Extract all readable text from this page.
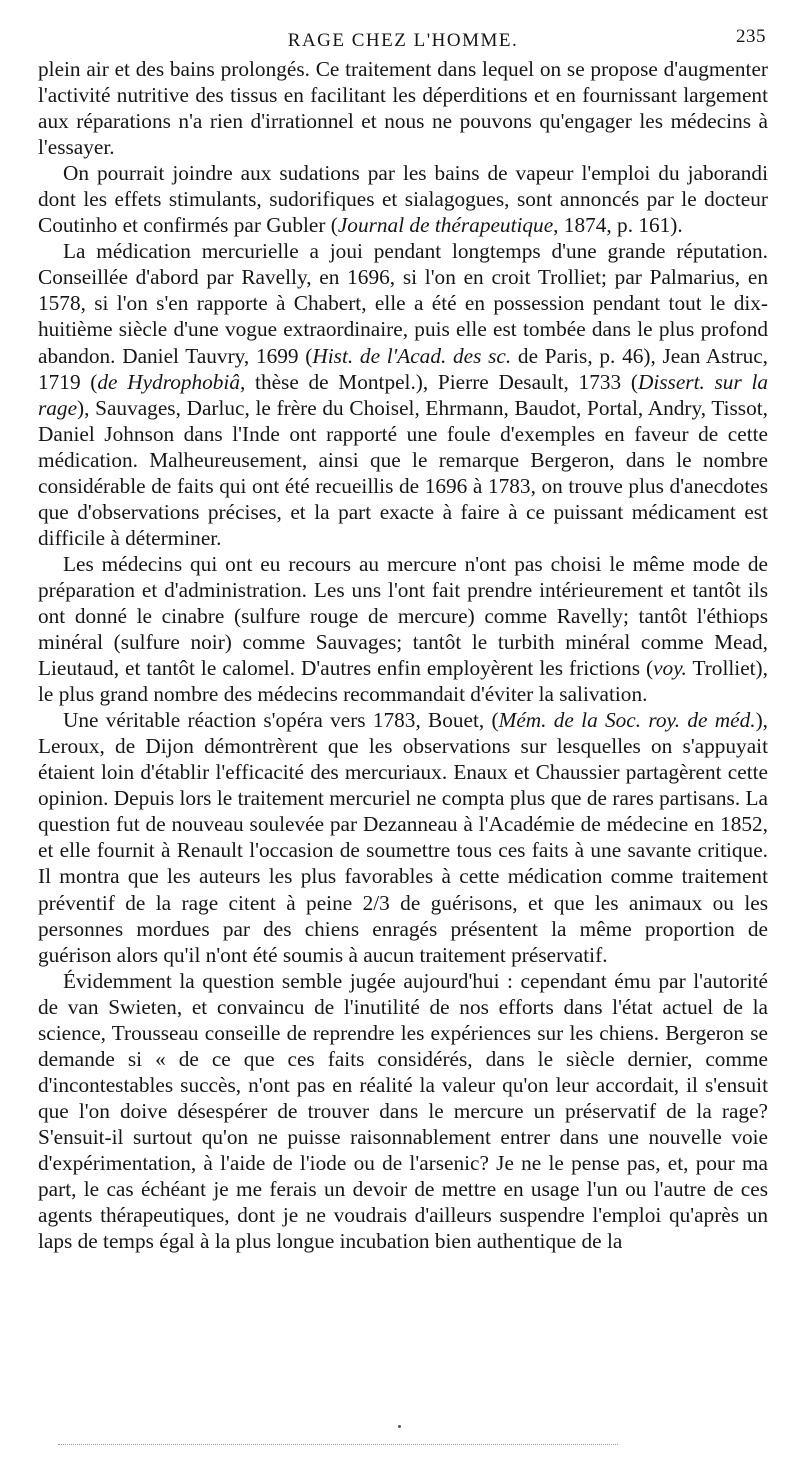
RAGE CHEZ L'HOMME.	235

plein air et des bains prolongés. Ce traitement dans lequel on se propose d'augmenter l'activité nutritive des tissus en facilitant les déperditions et en fournissant largement aux réparations n'a rien d'irrationnel et nous ne pouvons qu'engager les médecins à l'essayer.

On pourrait joindre aux sudations par les bains de vapeur l'emploi du jaborandi dont les effets stimulants, sudorifiques et sialagogues, sont annoncés par le docteur Coutinho et confirmés par Gubler (Journal de thérapeutique, 1874, p. 161).

La médication mercurielle a joui pendant longtemps d'une grande réputation. Conseillée d'abord par Ravelly, en 1696, si l'on en croit Trolliet; par Palmarius, en 1578, si l'on s'en rapporte à Chabert, elle a été en possession pendant tout le dix-huitième siècle d'une vogue extraordinaire, puis elle est tombée dans le plus profond abandon. Daniel Tauvry, 1699 (Hist. de l'Acad. des sc. de Paris, p. 46), Jean Astruc, 1719 (de Hydrophobiâ, thèse de Montpel.), Pierre Desault, 1733 (Dissert. sur la rage), Sauvages, Darluc, le frère du Choisel, Ehrmann, Baudot, Portal, Andry, Tissot, Daniel Johnson dans l'Inde ont rapporté une foule d'exemples en faveur de cette médication. Malheureusement, ainsi que le remarque Bergeron, dans le nombre considérable de faits qui ont été recueillis de 1696 à 1783, on trouve plus d'anecdotes que d'observations précises, et la part exacte à faire à ce puissant médicament est difficile à déterminer.

Les médecins qui ont eu recours au mercure n'ont pas choisi le même mode de préparation et d'administration. Les uns l'ont fait prendre intérieurement et tantôt ils ont donné le cinabre (sulfure rouge de mercure) comme Ravelly; tantôt l'éthiops minéral (sulfure noir) comme Sauvages; tantôt le turbith minéral comme Mead, Lieutaud, et tantôt le calomel. D'autres enfin employèrent les frictions (voy. Trolliet), le plus grand nombre des médecins recommandait d'éviter la salivation.

Une véritable réaction s'opéra vers 1783, Bouet, (Mém. de la Soc. roy. de méd.), Leroux, de Dijon démontrèrent que les observations sur lesquelles on s'appuyait étaient loin d'établir l'efficacité des mercuriaux. Enaux et Chaussier partagèrent cette opinion. Depuis lors le traitement mercuriel ne compta plus que de rares partisans. La question fut de nouveau soulevée par Dezanneau à l'Académie de médecine en 1852, et elle fournit à Renault l'occasion de soumettre tous ces faits à une savante critique. Il montra que les auteurs les plus favorables à cette médication comme traitement préventif de la rage citent à peine 2/3 de guérisons, et que les animaux ou les personnes mordues par des chiens enragés présentent la même proportion de guérison alors qu'il n'ont été soumis à aucun traitement préservatif.

Évidemment la question semble jugée aujourd'hui : cependant ému par l'autorité de van Swieten, et convaincu de l'inutilité de nos efforts dans l'état actuel de la science, Trousseau conseille de reprendre les expériences sur les chiens. Bergeron se demande si « de ce que ces faits considérés, dans le siècle dernier, comme d'incontestables succès, n'ont pas en réalité la valeur qu'on leur accordait, il s'ensuit que l'on doive désespérer de trouver dans le mercure un préservatif de la rage? S'ensuit-il surtout qu'on ne puisse raisonnablement entrer dans une nouvelle voie d'expérimentation, à l'aide de l'iode ou de l'arsenic? Je ne le pense pas, et, pour ma part, le cas échéant je me ferais un devoir de mettre en usage l'un ou l'autre de ces agents thérapeutiques, dont je ne voudrais d'ailleurs suspendre l'emploi qu'après un laps de temps égal à la plus longue incubation bien authentique de la
